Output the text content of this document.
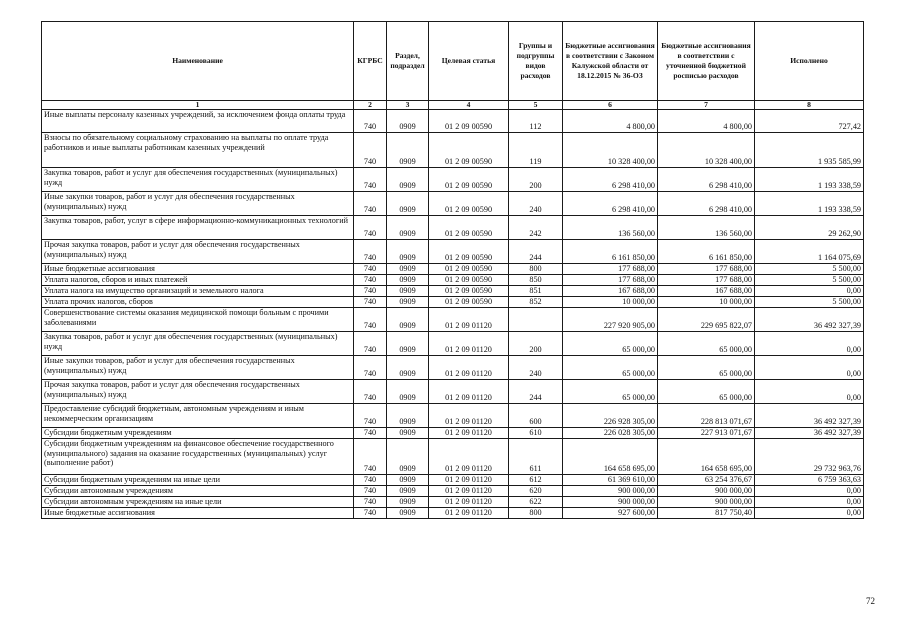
Наименование	КГРБС	Раздел, подраздел	Целевая статья	Группы и подгруппы видов расходов	Бюджетные ассигнования в соответствии с Законом Калужской области от 18.12.2015 № 36-ОЗ	Бюджетные ассигнования в соответствии с уточненной бюджетной росписью расходов	Исполнено
1	2	3	4	5	6	7	8
Иные выплаты персоналу казенных учреждений, за исключением фонда оплаты труда	740	0909	01 2 09 00590	112	4 800,00	4 800,00	727,42
Взносы по обязательному социальному страхованию на выплаты по оплате труда работников и иные выплаты работникам казенных учреждений	740	0909	01 2 09 00590	119	10 328 400,00	10 328 400,00	1 935 585,99
Закупка товаров, работ и услуг для обеспечения государственных (муниципальных) нужд	740	0909	01 2 09 00590	200	6 298 410,00	6 298 410,00	1 193 338,59
Иные закупки товаров, работ и услуг для обеспечения государственных (муниципальных) нужд	740	0909	01 2 09 00590	240	6 298 410,00	6 298 410,00	1 193 338,59
Закупка товаров, работ, услуг в сфере информационно-коммуникационных технологий	740	0909	01 2 09 00590	242	136 560,00	136 560,00	29 262,90
Прочая закупка товаров, работ и услуг для обеспечения государственных (муниципальных) нужд	740	0909	01 2 09 00590	244	6 161 850,00	6 161 850,00	1 164 075,69
Иные бюджетные ассигнования	740	0909	01 2 09 00590	800	177 688,00	177 688,00	5 500,00
Уплата налогов, сборов и иных платежей	740	0909	01 2 09 00590	850	177 688,00	177 688,00	5 500,00
Уплата налога на имущество организаций и земельного налога	740	0909	01 2 09 00590	851	167 688,00	167 688,00	0,00
Уплата прочих налогов, сборов	740	0909	01 2 09 00590	852	10 000,00	10 000,00	5 500,00
Совершенствование системы оказания медицинской помощи больным с прочими заболеваниями	740	0909	01 2 09 01120		227 920 905,00	229 695 822,07	36 492 327,39
Закупка товаров, работ и услуг для обеспечения государственных (муниципальных) нужд	740	0909	01 2 09 01120	200	65 000,00	65 000,00	0,00
Иные закупки товаров, работ и услуг для обеспечения государственных (муниципальных) нужд	740	0909	01 2 09 01120	240	65 000,00	65 000,00	0,00
Прочая закупка товаров, работ и услуг для обеспечения государственных (муниципальных) нужд	740	0909	01 2 09 01120	244	65 000,00	65 000,00	0,00
Предоставление субсидий бюджетным, автономным учреждениям и иным некоммерческим организациям	740	0909	01 2 09 01120	600	226 928 305,00	228 813 071,67	36 492 327,39
Субсидии бюджетным учреждениям	740	0909	01 2 09 01120	610	226 028 305,00	227 913 071,67	36 492 327,39
Субсидии бюджетным учреждениям на финансовое обеспечение государственного (муниципального) задания на оказание государственных (муниципальных) услуг (выполнение работ)	740	0909	01 2 09 01120	611	164 658 695,00	164 658 695,00	29 732 963,76
Субсидии бюджетным учреждениям на иные цели	740	0909	01 2 09 01120	612	61 369 610,00	63 254 376,67	6 759 363,63
Субсидии автономным учреждениям	740	0909	01 2 09 01120	620	900 000,00	900 000,00	0,00
Субсидии автономным учреждениям на иные цели	740	0909	01 2 09 01120	622	900 000,00	900 000,00	0,00
Иные бюджетные ассигнования	740	0909	01 2 09 01120	800	927 600,00	817 750,40	0,00
72
